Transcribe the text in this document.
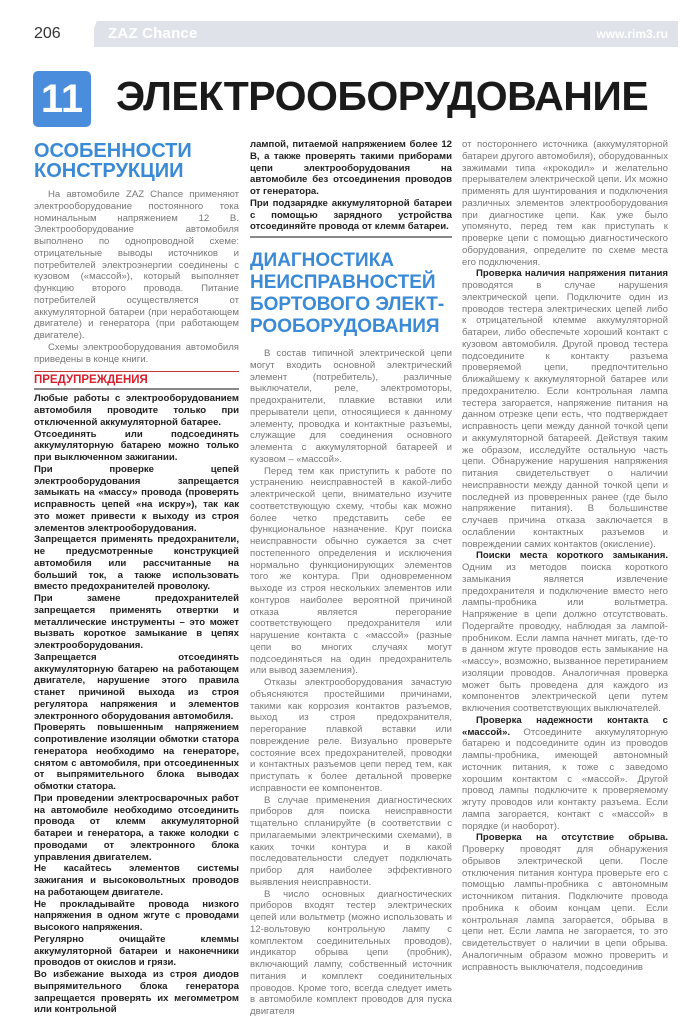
206	ZAZ Chance	www.rim3.ru
11 ЭЛЕКТРООБОРУДОВАНИЕ
ОСОБЕННОСТИ
КОНСТРУКЦИИ

На автомобиле ZAZ Chance применяют электрооборудование постоянного тока номинальным напряжением 12 В. Электрооборудование автомобиля выполнено по однопроводной схеме: отрицательные выводы источников и потребителей электроэнергии соединены с кузовом («массой»), который выполняет функцию второго провода. Питание потребителей осуществляется от аккумуляторной батареи (при неработающем двигателе) и генератора (при работающем двигателе).

Схемы электрооборудования автомобиля приведены в конце книги.

ПРЕДУПРЕЖДЕНИЯ

Любые работы с электрооборудованием автомобиля проводите только при отключенной аккумуляторной батарее.

Отсоединять или подсоединять аккумуляторную батарею можно только при выключенном зажигании.

При проверке цепей электрооборудования запрещается замыкать на «массу» провода (проверять исправность цепей «на искру»), так как это может привести к выходу из строя элементов электрооборудования.

Запрещается применять предохранители, не предусмотренные конструкцией автомобиля или рассчитанные на больший ток, а также использовать вместо предохранителей проволоку.

При замене предохранителей запрещается применять отвертки и металлические инструменты – это может вызвать короткое замыкание в цепях электрооборудования.

Запрещается отсоединять аккумуляторную батарею на работающем двигателе, нарушение этого правила станет причиной выхода из строя регулятора напряжения и элементов электронного оборудования автомобиля.

Проверять повышенным напряжением сопротивление изоляции обмотки статора генератора необходимо на генераторе, снятом с автомобиля, при отсоединенных от выпрямительного блока выводах обмотки статора.

При проведении электросварочных работ на автомобиле необходимо отсоединить провода от клемм аккумуляторной батареи и генератора, а также колодки с проводами от электронного блока управления двигателем.

Не касайтесь элементов системы зажигания и высоковольтных проводов на работающем двигателе.

Не прокладывайте провода низкого напряжения в одном жгуте с проводами высокого напряжения.

Регулярно очищайте клеммы аккумуляторной батареи и наконечники проводов от окислов и грязи.

Во избежание выхода из строя диодов выпрямительного блока генератора запрещается проверять их мегомметром или контрольной

лампой, питаемой напряжением более 12 В, а также проверять такими приборами цепи электрооборудования на автомобиле без отсоединения проводов от генератора.

При подзарядке аккумуляторной батареи с помощью зарядного устройства отсоединяйте провода от клемм батареи.

ДИАГНОСТИКА
НЕИСПРАВНОСТЕЙ
БОРТОВОГО ЭЛЕКТ-
РООБОРУДОВАНИЯ

В состав типичной электрической цепи могут входить основной электрический элемент (потребитель), различные выключатели, реле, электромоторы, предохранители, плавкие вставки или прерыватели цепи, относящиеся к данному элементу, проводка и контактные разъемы, служащие для соединения основного элемента с аккумуляторной батареей и кузовом – «массой».

Перед тем как приступить к работе по устранению неисправностей в какой-либо электрической цепи, внимательно изучите соответствующую схему, чтобы как можно более четко представить себе ее функциональное назначение. Круг поиска неисправности обычно сужается за счет постепенного определения и исключения нормально функционирующих элементов того же контура. При одновременном выходе из строя нескольких элементов или контуров наиболее вероятной причиной отказа является перегорание соответствующего предохранителя или нарушение контакта с «массой» (разные цепи во многих случаях могут подсоединяться на один предохранитель или вывод заземления).

Отказы электрооборудования зачастую объясняются простейшими причинами, такими как коррозия контактов разъемов, выход из строя предохранителя, перегорание плавкой вставки или повреждение реле. Визуально проверьте состояние всех предохранителей, проводки и контактных разъемов цепи перед тем, как приступать к более детальной проверке исправности ее компонентов.

В случае применения диагностических приборов для поиска неисправности тщательно спланируйте (в соответствии с прилагаемыми электрическими схемами), в каких точки контура и в какой последовательности следует подключать прибор для наиболее эффективного выявления неисправности.

В число основных диагностических приборов входят тестер электрических цепей или вольтметр (можно использовать и 12-вольтовую контрольную лампу с комплектом соединительных проводов), индикатор обрыва цепи (пробник), включающий лампу, собственный источник питания и комплект соединительных проводов. Кроме того, всегда следует иметь в автомобиле комплект проводов для пуска двигателя

от постороннего источника (аккумуляторной батареи другого автомобиля), оборудованных зажимами типа «крокодил» и желательно прерывателем электрической цепи. Их можно применять для шунтирования и подключения различных элементов электрооборудования при диагностике цепи. Как уже было упомянуто, перед тем как приступать к проверке цепи с помощью диагностического оборудования, определите по схеме места его подключения.

Проверка наличия напряжения питания проводятся в случае нарушения электрической цепи. Подключите один из проводов тестера электрических цепей либо к отрицательной клемме аккумуляторной батареи, либо обеспечьте хороший контакт с кузовом автомобиля. Другой провод тестера подсоедините к контакту разъема проверяемой цепи, предпочтительно ближайшему к аккумуляторной батарее или предохранителю. Если контрольная лампа тестера загорается, напряжение питания на данном отрезке цепи есть, что подтверждает исправность цепи между данной точкой цепи и аккумуляторной батареей. Действуя таким же образом, исследуйте остальную часть цепи. Обнаружение нарушения напряжения питания свидетельствует о наличии неисправности между данной точкой цепи и последней из проверенных ранее (где было напряжение питания). В большинстве случаев причина отказа заключается в ослаблении контактных разъемов и повреждении самих контактов (окисление).

Поиски места короткого замыкания. Одним из методов поиска короткого замыкания является извлечение предохранителя и подключение вместо него лампы-пробника или вольтметра. Напряжение в цепи должно отсутствовать. Подергайте проводку, наблюдая за лампой-пробником. Если лампа начнет мигать, где-то в данном жгуте проводов есть замыкание на «массу», возможно, вызванное перетиранием изоляции проводов. Аналогичная проверка может быть проведена для каждого из компонентов электрической цепи путем включения соответствующих выключателей.

Проверка надежности контакта с «массой». Отсоедините аккумуляторную батарею и подсоедините один из проводов лампы-пробника, имеющей автономный источник питания, к тоже с заведомо хорошим контактом с «массой». Другой провод лампы подключите к проверяемому жгуту проводов или контакту разъема. Если лампа загорается, контакт с «массой» в порядке (и наоборот).

Проверка на отсутствие обрыва. Проверку проводят для обнаружения обрывов электрической цепи. После отключения питания контура проверьте его с помощью лампы-пробника с автономным источником питания. Подключите провода пробника к обоим концам цепи. Если контрольная лампа загорается, обрыва в цепи нет. Если лампа не загорается, то это свидетельствует о наличии в цепи обрыва. Аналогичным образом можно проверить и исправность выключателя, подсоединив
